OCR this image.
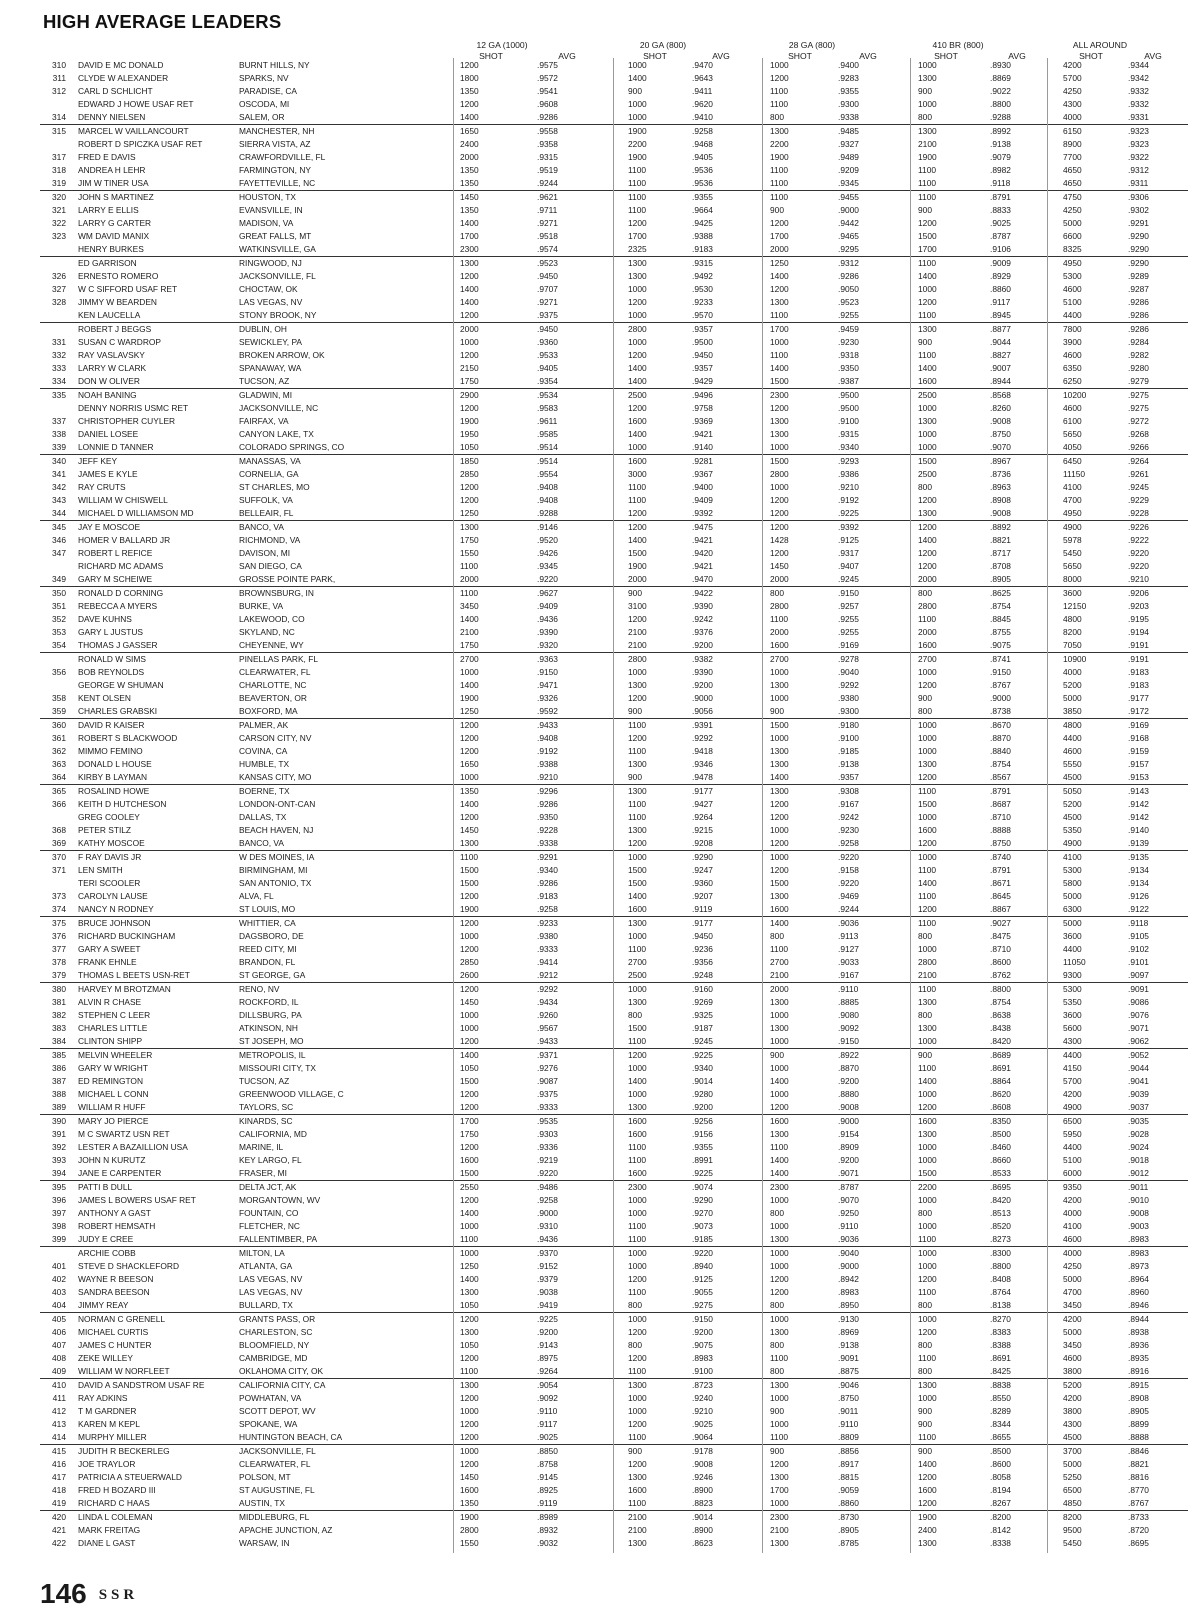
HIGH AVERAGE LEADERS
12 GA (1000)	20 GA (800)	28 GA (800)	410 BR (800)	ALL AROUND
SHOT	AVG	SHOT	AVG	SHOT	AVG	SHOT	AVG	SHOT	AVG
310 DAVID E MC DONALD	BURNT HILLS, NY	1200	.9575	1000	.9470	1000	.9400	1000	.8930	4200	.9344
311 CLYDE W ALEXANDER	SPARKS, NV	1800	.9572	1400	.9643	1200	.9283	1300	.8869	5700	.9342
312 CARL D SCHLICHT	PARADISE, CA	1350	.9541	900	.9411	1100	.9355	900	.9022	4250	.9332
EDWARD J HOWE USAF RET	OSCODA, MI	1200	.9608	1000	.9620	1100	.9300	1000	.8800	4300	.9332
314 DENNY NIELSEN	SALEM, OR	1400	.9286	1000	.9410	800	.9338	800	.9288	4000	.9331
315 MARCEL W VAILLANCOURT	MANCHESTER, NH	1650	.9558	1900	.9258	1300	.9485	1300	.8992	6150	.9323
ROBERT D SPICZKA USAF RET	SIERRA VISTA, AZ	2400	.9358	2200	.9468	2200	.9327	2100	.9138	8900	.9323
317 FRED E DAVIS	CRAWFORDVILLE, FL	2000	.9315	1900	.9405	1900	.9489	1900	.9079	7700	.9322
318 ANDREA H LEHR	FARMINGTON, NY	1350	.9519	1100	.9536	1100	.9209	1100	.8982	4650	.9312
319 JIM W TINER USA	FAYETTEVILLE, NC	1350	.9244	1100	.9536	1100	.9345	1100	.9118	4650	.9311
320 JOHN S MARTINEZ	HOUSTON, TX	1450	.9621	1100	.9355	1100	.9455	1100	.8791	4750	.9306
321 LARRY E ELLIS	EVANSVILLE, IN	1350	.9711	1100	.9664	900	.9000	900	.8833	4250	.9302
322 LARRY G CARTER	MADISON, VA	1400	.9271	1200	.9425	1200	.9442	1200	.9025	5000	.9291
323 WM DAVID MANIX	GREAT FALLS, MT	1700	.9518	1700	.9388	1700	.9465	1500	.8787	6600	.9290
HENRY BURKES	WATKINSVILLE, GA	2300	.9574	2325	.9183	2000	.9295	1700	.9106	8325	.9290
ED GARRISON	RINGWOOD, NJ	1300	.9523	1300	.9315	1250	.9312	1100	.9009	4950	.9290
326 ERNESTO ROMERO	JACKSONVILLE, FL	1200	.9450	1300	.9492	1400	.9286	1400	.8929	5300	.9289
327 W C SIFFORD USAF RET	CHOCTAW, OK	1400	.9707	1000	.9530	1200	.9050	1000	.8860	4600	.9287
328 JIMMY W BEARDEN	LAS VEGAS, NV	1400	.9271	1200	.9233	1300	.9523	1200	.9117	5100	.9286
KEN LAUCELLA	STONY BROOK, NY	1200	.9375	1000	.9570	1100	.9255	1100	.8945	4400	.9286
ROBERT J BEGGS	DUBLIN, OH	2000	.9450	2800	.9357	1700	.9459	1300	.8877	7800	.9286
331 SUSAN C WARDROP	SEWICKLEY, PA	1000	.9360	1000	.9500	1000	.9230	900	.9044	3900	.9284
332 RAY VASLAVSKY	BROKEN ARROW, OK	1200	.9533	1200	.9450	1100	.9318	1100	.8827	4600	.9282
333 LARRY W CLARK	SPANAWAY, WA	2150	.9405	1400	.9357	1400	.9350	1400	.9007	6350	.9280
334 DON W OLIVER	TUCSON, AZ	1750	.9354	1400	.9429	1500	.9387	1600	.8944	6250	.9279
335 NOAH BANING	GLADWIN, MI	2900	.9534	2500	.9496	2300	.9500	2500	.8568	10200	.9275
DENNY NORRIS USMC RET	JACKSONVILLE, NC	1200	.9583	1200	.9758	1200	.9500	1000	.8260	4600	.9275
337 CHRISTOPHER CUYLER	FAIRFAX, VA	1900	.9611	1600	.9369	1300	.9100	1300	.9008	6100	.9272
338 DANIEL LOSEE	CANYON LAKE, TX	1950	.9585	1400	.9421	1300	.9315	1000	.8750	5650	.9268
339 LONNIE D TANNER	COLORADO SPRINGS, CO	1050	.9514	1000	.9140	1000	.9340	1000	.9070	4050	.9266
340 JEFF KEY	MANASSAS, VA	1850	.9514	1600	.9281	1500	.9293	1500	.8967	6450	.9264
341 JAMES E KYLE	CORNELIA, GA	2850	.9554	3000	.9367	2800	.9386	2500	.8736	11150	.9261
342 RAY CRUTS	ST CHARLES, MO	1200	.9408	1100	.9400	1000	.9210	800	.8963	4100	.9245
343 WILLIAM W CHISWELL	SUFFOLK, VA	1200	.9408	1100	.9409	1200	.9192	1200	.8908	4700	.9229
344 MICHAEL D WILLIAMSON MD	BELLEAIR, FL	1250	.9288	1200	.9392	1200	.9225	1300	.9008	4950	.9228
345 JAY E MOSCOE	BANCO, VA	1300	.9146	1200	.9475	1200	.9392	1200	.8892	4900	.9226
346 HOMER V BALLARD JR	RICHMOND, VA	1750	.9520	1400	.9421	1428	.9125	1400	.8821	5978	.9222
347 ROBERT L REFICE	DAVISON, MI	1550	.9426	1500	.9420	1200	.9317	1200	.8717	5450	.9220
RICHARD MC ADAMS	SAN DIEGO, CA	1100	.9345	1900	.9421	1450	.9407	1200	.8708	5650	.9220
349 GARY M SCHEIWE	GROSSE POINTE PARK,	2000	.9220	2000	.9470	2000	.9245	2000	.8905	8000	.9210
350 RONALD D CORNING	BROWNSBURG, IN	1100	.9627	900	.9422	800	.9150	800	.8625	3600	.9206
351 REBECCA A MYERS	BURKE, VA	3450	.9409	3100	.9390	2800	.9257	2800	.8754	12150	.9203
352 DAVE KUHNS	LAKEWOOD, CO	1400	.9436	1200	.9242	1100	.9255	1100	.8845	4800	.9195
353 GARY L JUSTUS	SKYLAND, NC	2100	.9390	2100	.9376	2000	.9255	2000	.8755	8200	.9194
354 THOMAS J GASSER	CHEYENNE, WY	1750	.9320	2100	.9200	1600	.9169	1600	.9075	7050	.9191
RONALD W SIMS	PINELLAS PARK, FL	2700	.9363	2800	.9382	2700	.9278	2700	.8741	10900	.9191
356 BOB REYNOLDS	CLEARWATER, FL	1000	.9150	1000	.9390	1000	.9040	1000	.9150	4000	.9183
GEORGE W SHUMAN	CHARLOTTE, NC	1400	.9471	1300	.9200	1300	.9292	1200	.8767	5200	.9183
358 KENT OLSEN	BEAVERTON, OR	1900	.9326	1200	.9000	1000	.9380	900	.9000	5000	.9177
359 CHARLES GRABSKI	BOXFORD, MA	1250	.9592	900	.9056	900	.9300	800	.8738	3850	.9172
360 DAVID R KAISER	PALMER, AK	1200	.9433	1100	.9391	1500	.9180	1000	.8670	4800	.9169
361 ROBERT S BLACKWOOD	CARSON CITY, NV	1200	.9408	1200	.9292	1000	.9100	1000	.8870	4400	.9168
362 MIMMO FEMINO	COVINA, CA	1200	.9192	1100	.9418	1300	.9185	1000	.8840	4600	.9159
363 DONALD L HOUSE	HUMBLE, TX	1650	.9388	1300	.9346	1300	.9138	1300	.8754	5550	.9157
364 KIRBY B LAYMAN	KANSAS CITY, MO	1000	.9210	900	.9478	1400	.9357	1200	.8567	4500	.9153
365 ROSALIND HOWE	BOERNE, TX	1350	.9296	1300	.9177	1300	.9308	1100	.8791	5050	.9143
366 KEITH D HUTCHESON	LONDON-ONT-CAN	1400	.9286	1100	.9427	1200	.9167	1500	.8687	5200	.9142
GREG COOLEY	DALLAS, TX	1200	.9350	1100	.9264	1200	.9242	1000	.8710	4500	.9142
368 PETER STILZ	BEACH HAVEN, NJ	1450	.9228	1300	.9215	1000	.9230	1600	.8888	5350	.9140
369 KATHY MOSCOE	BANCO, VA	1300	.9338	1200	.9208	1200	.9258	1200	.8750	4900	.9139
370 F RAY DAVIS JR	W DES MOINES, IA	1100	.9291	1000	.9290	1000	.9220	1000	.8740	4100	.9135
371 LEN SMITH	BIRMINGHAM, MI	1500	.9340	1500	.9247	1200	.9158	1100	.8791	5300	.9134
TERI SCOOLER	SAN ANTONIO, TX	1500	.9286	1500	.9360	1500	.9220	1400	.8671	5800	.9134
373 CAROLYN LAUSE	ALVA, FL	1200	.9183	1400	.9207	1300	.9469	1100	.8645	5000	.9126
374 NANCY N RODNEY	ST LOUIS, MO	1900	.9258	1600	.9119	1600	.9244	1200	.8867	6300	.9122
375 BRUCE JOHNSON	WHITTIER, CA	1200	.9233	1300	.9177	1400	.9036	1100	.9027	5000	.9118
376 RICHARD BUCKINGHAM	DAGSBORO, DE	1000	.9380	1000	.9450	800	.9113	800	.8475	3600	.9105
377 GARY A SWEET	REED CITY, MI	1200	.9333	1100	.9236	1100	.9127	1000	.8710	4400	.9102
378 FRANK EHNLE	BRANDON, FL	2850	.9414	2700	.9356	2700	.9033	2800	.8600	11050	.9101
379 THOMAS L BEETS USN-RET	ST GEORGE, GA	2600	.9212	2500	.9248	2100	.9167	2100	.8762	9300	.9097
380 HARVEY M BROTZMAN	RENO, NV	1200	.9292	1000	.9160	2000	.9110	1100	.8800	5300	.9091
381 ALVIN R CHASE	ROCKFORD, IL	1450	.9434	1300	.9269	1300	.8885	1300	.8754	5350	.9086
382 STEPHEN C LEER	DILLSBURG, PA	1000	.9260	800	.9325	1000	.9080	800	.8638	3600	.9076
383 CHARLES LITTLE	ATKINSON, NH	1000	.9567	1500	.9187	1300	.9092	1300	.8438	5600	.9071
384 CLINTON SHIPP	ST JOSEPH, MO	1200	.9433	1100	.9245	1000	.9150	1000	.8420	4300	.9062
385 MELVIN WHEELER	METROPOLIS, IL	1400	.9371	1200	.9225	900	.8922	900	.8689	4400	.9052
386 GARY W WRIGHT	MISSOURI CITY, TX	1050	.9276	1000	.9340	1000	.8870	1100	.8691	4150	.9044
387 ED REMINGTON	TUCSON, AZ	1500	.9087	1400	.9014	1400	.9200	1400	.8864	5700	.9041
388 MICHAEL L CONN	GREENWOOD VILLAGE, C	1200	.9375	1000	.9280	1000	.8880	1000	.8620	4200	.9039
389 WILLIAM R HUFF	TAYLORS, SC	1200	.9333	1300	.9200	1200	.9008	1200	.8608	4900	.9037
390 MARY JO PIERCE	KINARDS, SC	1700	.9535	1600	.9256	1600	.9000	1600	.8350	6500	.9035
391 M C SWARTZ USN RET	CALIFORNIA, MD	1750	.9303	1600	.9156	1300	.9154	1300	.8500	5950	.9028
392 LESTER A BAZAILLION USA	MARINE, IL	1200	.9336	1100	.9355	1100	.8909	1000	.8460	4400	.9024
393 JOHN N KURUTZ	KEY LARGO, FL	1600	.9219	1100	.8991	1400	.9200	1000	.8660	5100	.9018
394 JANE E CARPENTER	FRASER, MI	1500	.9220	1600	.9225	1400	.9071	1500	.8533	6000	.9012
395 PATTI B DULL	DELTA JCT, AK	2550	.9486	2300	.9074	2300	.8787	2200	.8695	9350	.9011
396 JAMES L BOWERS USAF RET	MORGANTOWN, WV	1200	.9258	1000	.9290	1000	.9070	1000	.8420	4200	.9010
397 ANTHONY A GAST	FOUNTAIN, CO	1400	.9000	1000	.9270	800	.9250	800	.8513	4000	.9008
398 ROBERT HEMSATH	FLETCHER, NC	1000	.9310	1100	.9073	1000	.9110	1000	.8520	4100	.9003
399 JUDY E CREE	FALLENTIMBER, PA	1100	.9436	1100	.9185	1300	.9036	1100	.8273	4600	.8983
ARCHIE COBB	MILTON, LA	1000	.9370	1000	.9220	1000	.9040	1000	.8300	4000	.8983
401 STEVE D SHACKLEFORD	ATLANTA, GA	1250	.9152	1000	.8940	1000	.9000	1000	.8800	4250	.8973
402 WAYNE R BEESON	LAS VEGAS, NV	1400	.9379	1200	.9125	1200	.8942	1200	.8408	5000	.8964
403 SANDRA BEESON	LAS VEGAS, NV	1300	.9038	1100	.9055	1200	.8983	1100	.8764	4700	.8960
404 JIMMY REAY	BULLARD, TX	1050	.9419	800	.9275	800	.8950	800	.8138	3450	.8946
405 NORMAN C GRENELL	GRANTS PASS, OR	1200	.9225	1000	.9150	1000	.9130	1000	.8270	4200	.8944
406 MICHAEL CURTIS	CHARLESTON, SC	1300	.9200	1200	.9200	1300	.8969	1200	.8383	5000	.8938
407 JAMES C HUNTER	BLOOMFIELD, NY	1050	.9143	800	.9075	800	.9138	800	.8388	3450	.8936
408 ZEKE WILLEY	CAMBRIDGE, MD	1200	.8975	1200	.8983	1100	.9091	1100	.8691	4600	.8935
409 WILLIAM W NORFLEET	OKLAHOMA CITY, OK	1100	.9264	1100	.9100	800	.8875	800	.8425	3800	.8916
410 DAVID A SANDSTROM USAF RE	CALIFORNIA CITY, CA	1300	.9054	1300	.8723	1300	.9046	1300	.8838	5200	.8915
411 RAY ADKINS	POWHATAN, VA	1200	.9092	1000	.9240	1000	.8750	1000	.8550	4200	.8908
412 T M GARDNER	SCOTT DEPOT, WV	1000	.9110	1000	.9210	900	.9011	900	.8289	3800	.8905
413 KAREN M KEPL	SPOKANE, WA	1200	.9117	1200	.9025	1000	.9110	900	.8344	4300	.8899
414 MURPHY MILLER	HUNTINGTON BEACH, CA	1200	.9025	1100	.9064	1100	.8809	1100	.8655	4500	.8888
415 JUDITH R BECKERLEG	JACKSONVILLE, FL	1000	.8850	900	.9178	900	.8856	900	.8500	3700	.8846
416 JOE TRAYLOR	CLEARWATER, FL	1200	.8758	1200	.9008	1200	.8917	1400	.8600	5000	.8821
417 PATRICIA A STEUERWALD	POLSON, MT	1450	.9145	1300	.9246	1300	.8815	1200	.8058	5250	.8816
418 FRED H BOZARD III	ST AUGUSTINE, FL	1600	.8925	1600	.8900	1700	.9059	1600	.8194	6500	.8770
419 RICHARD C HAAS	AUSTIN, TX	1350	.9119	1100	.8823	1000	.8860	1200	.8267	4850	.8767
420 LINDA L COLEMAN	MIDDLEBURG, FL	1900	.8989	2100	.9014	2300	.8730	1900	.8200	8200	.8733
421 MARK FREITAG	APACHE JUNCTION, AZ	2800	.8932	2100	.8900	2100	.8905	2400	.8142	9500	.8720
422 DIANE L GAST	WARSAW, IN	1550	.9032	1300	.8623	1300	.8785	1300	.8338	5450	.8695
146 SSR
